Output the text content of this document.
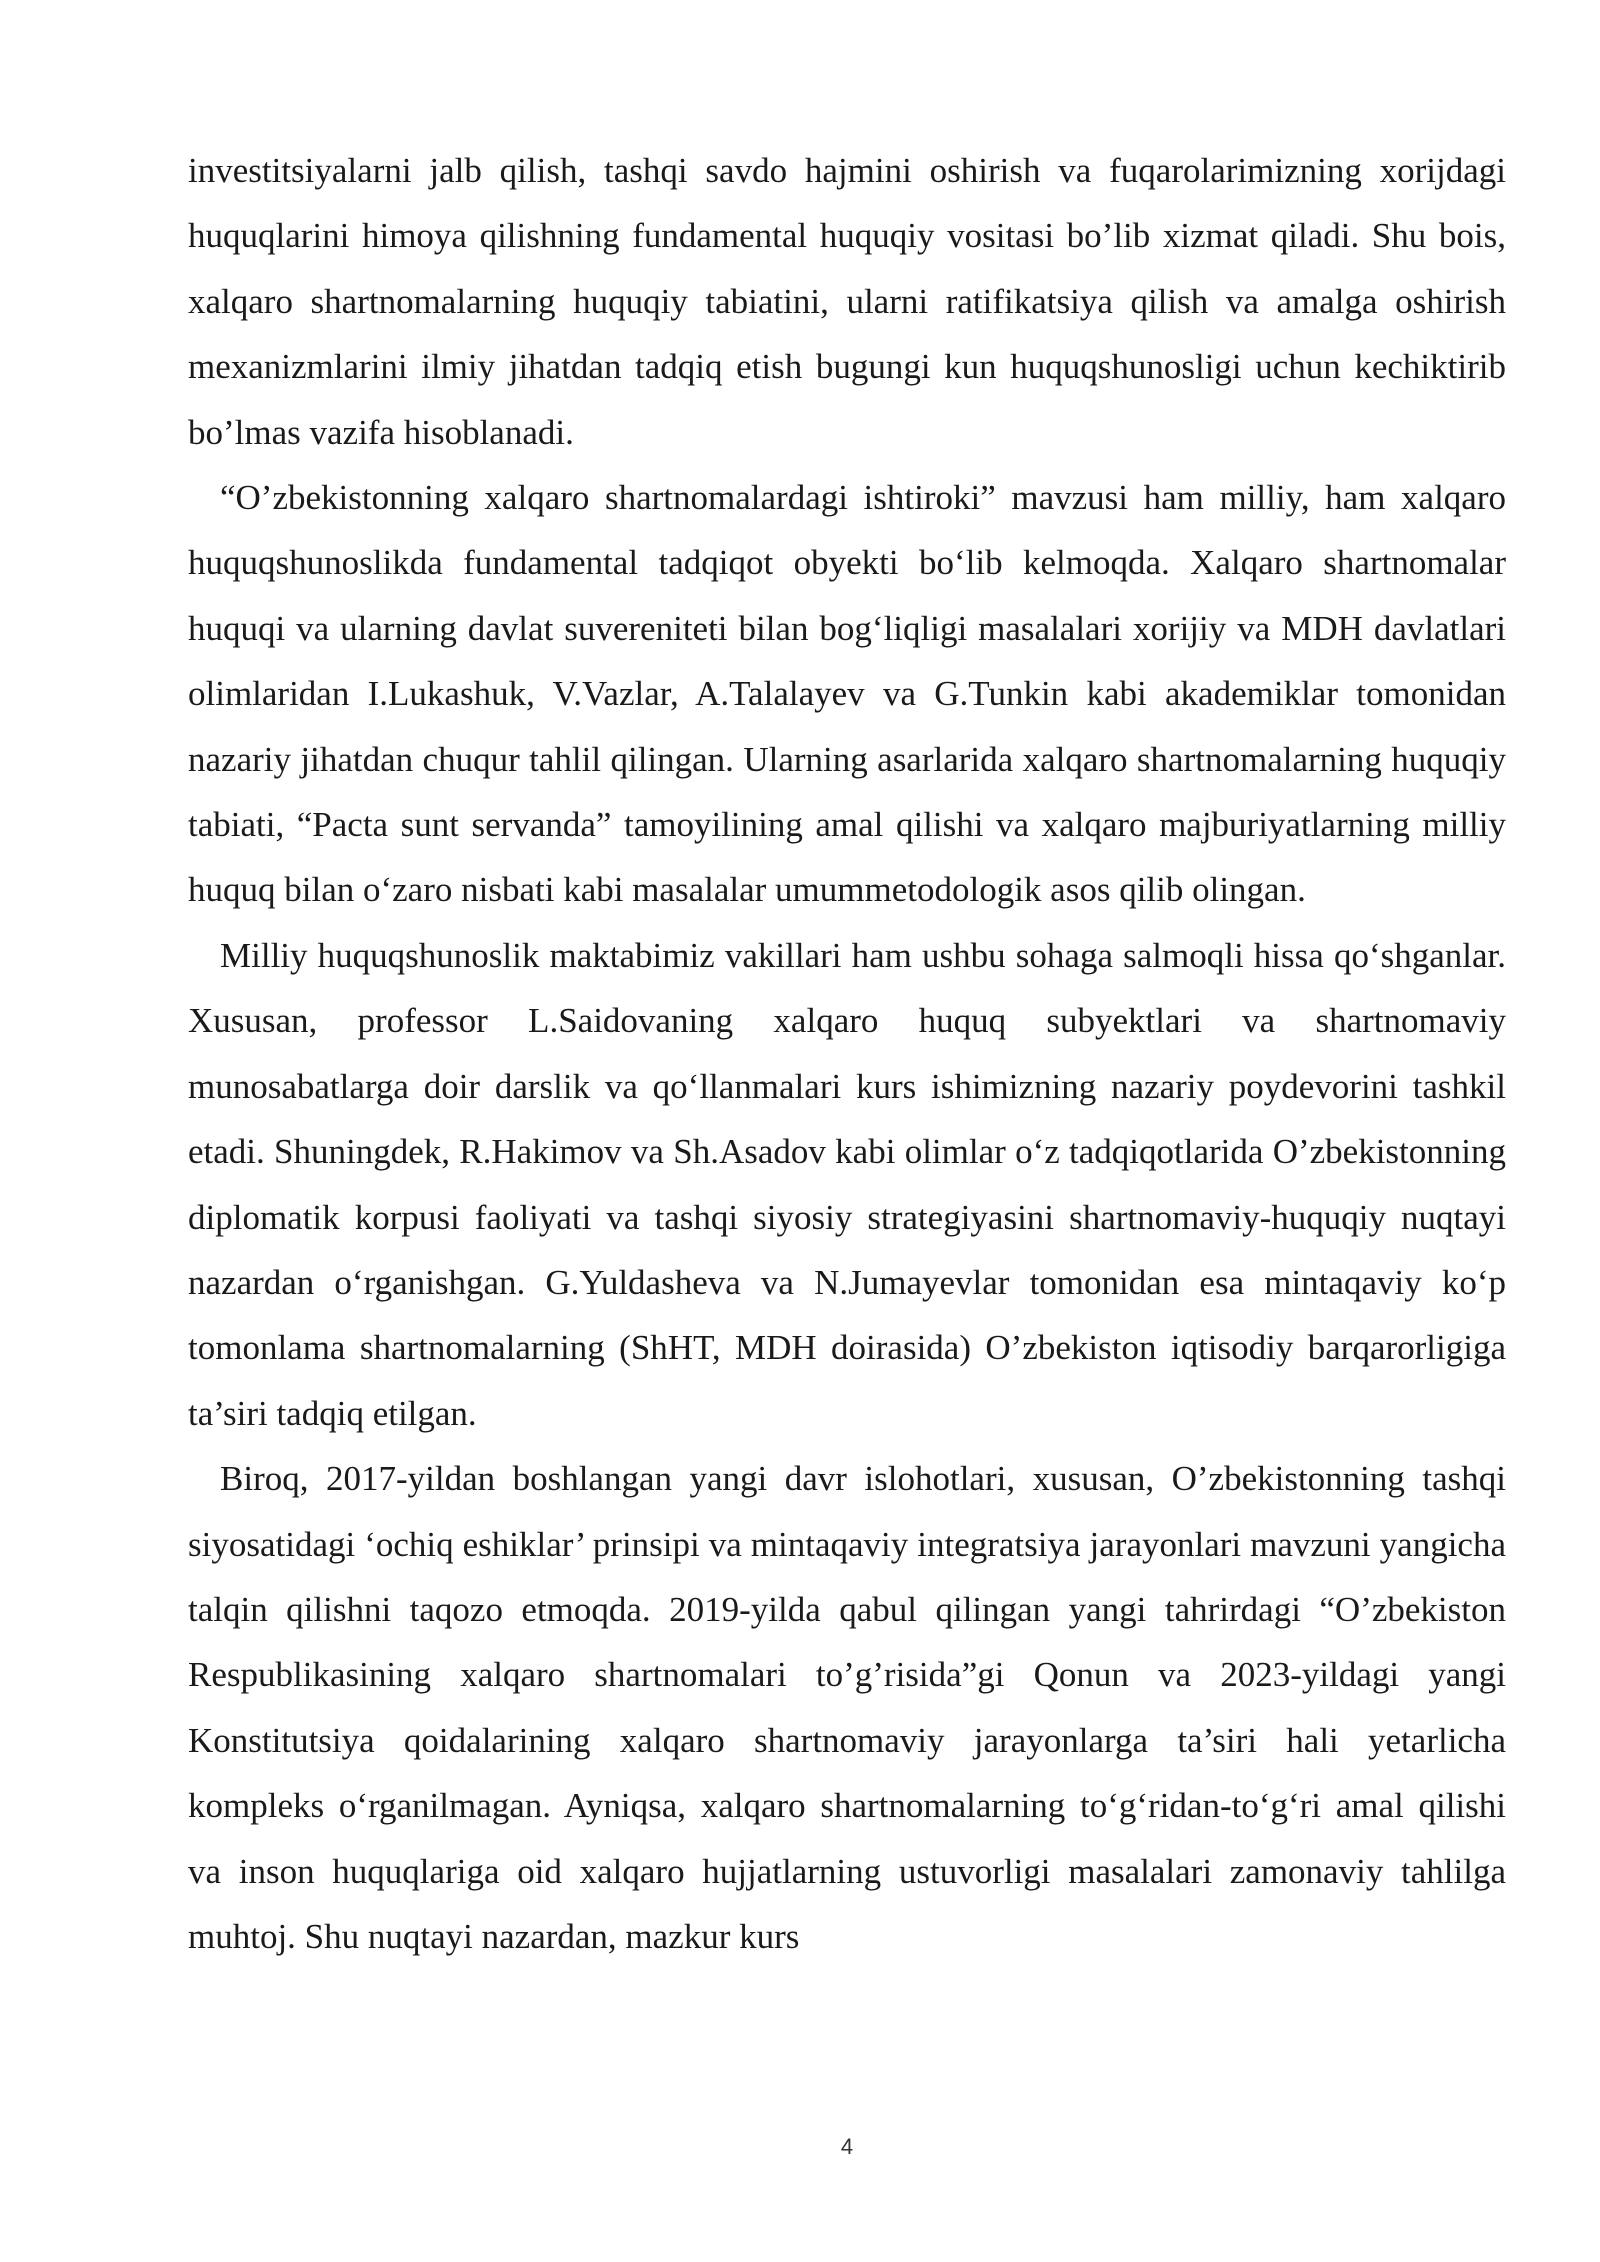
investitsiyalarni jalb qilish, tashqi savdo hajmini oshirish va fuqarolarimizning xorijdagi huquqlarini himoya qilishning fundamental huquqiy vositasi bo’lib xizmat qiladi. Shu bois, xalqaro shartnomalarning huquqiy tabiatini, ularni ratifikatsiya qilish va amalga oshirish mexanizmlarini ilmiy jihatdan tadqiq etish bugungi kun huquqshunosligi uchun kechiktirib bo’lmas vazifa hisoblanadi.

“O’zbekistonning xalqaro shartnomalardagi ishtiroki” mavzusi ham milliy, ham xalqaro huquqshunoslikda fundamental tadqiqot obyekti bo‘lib kelmoqda. Xalqaro shartnomalar huquqi va ularning davlat suvereniteti bilan bog‘liqligi masalalari xorijiy va MDH davlatlari olimlaridan I.Lukashuk, V.Vazlar, A.Talalayev va G.Tunkin kabi akademiklar tomonidan nazariy jihatdan chuqur tahlil qilingan. Ularning asarlarida xalqaro shartnomalarning huquqiy tabiati, “Pacta sunt servanda” tamoyilining amal qilishi va xalqaro majburiyatlarning milliy huquq bilan o‘zaro nisbati kabi masalalar umummetodologik asos qilib olingan.

Milliy huquqshunoslik maktabimiz vakillari ham ushbu sohaga salmoqli hissa qo‘shganlar. Xususan, professor L.Saidovaning xalqaro huquq subyektlari va shartnomaviy munosabatlarga doir darslik va qo‘llanmalari kurs ishimizning nazariy poydevorini tashkil etadi. Shuningdek, R.Hakimov va Sh.Asadov kabi olimlar o‘z tadqiqotlarida O’zbekistonning diplomatik korpusi faoliyati va tashqi siyosiy strategiyasini shartnomaviy-huquqiy nuqtayi nazardan o‘rganishgan. G.Yuldasheva va N.Jumayevlar tomonidan esa mintaqaviy ko‘p tomonlama shartnomalarning (ShHT, MDH doirasida) O’zbekiston iqtisodiy barqarorligiga ta’siri tadqiq etilgan.

Biroq, 2017-yildan boshlangan yangi davr islohotlari, xususan, O’zbekistonning tashqi siyosatidagi ‘ochiq eshiklar’ prinsipi va mintaqaviy integratsiya jarayonlari mavzuni yangicha talqin qilishni taqozo etmoqda. 2019-yilda qabul qilingan yangi tahrirdagi “O’zbekiston Respublikasining xalqaro shartnomalari to’g’risida”gi Qonun va 2023-yildagi yangi Konstitutsiya qoidalarining xalqaro shartnomaviy jarayonlarga ta’siri hali yetarlicha kompleks o‘rganilmagan. Ayniqsa, xalqaro shartnomalarning to‘g‘ridan-to‘g‘ri amal qilishi va inson huquqlariga oid xalqaro hujjatlarning ustuvorligi masalalari zamonaviy tahlilga muhtoj. Shu nuqtayi nazardan, mazkur kurs

4
